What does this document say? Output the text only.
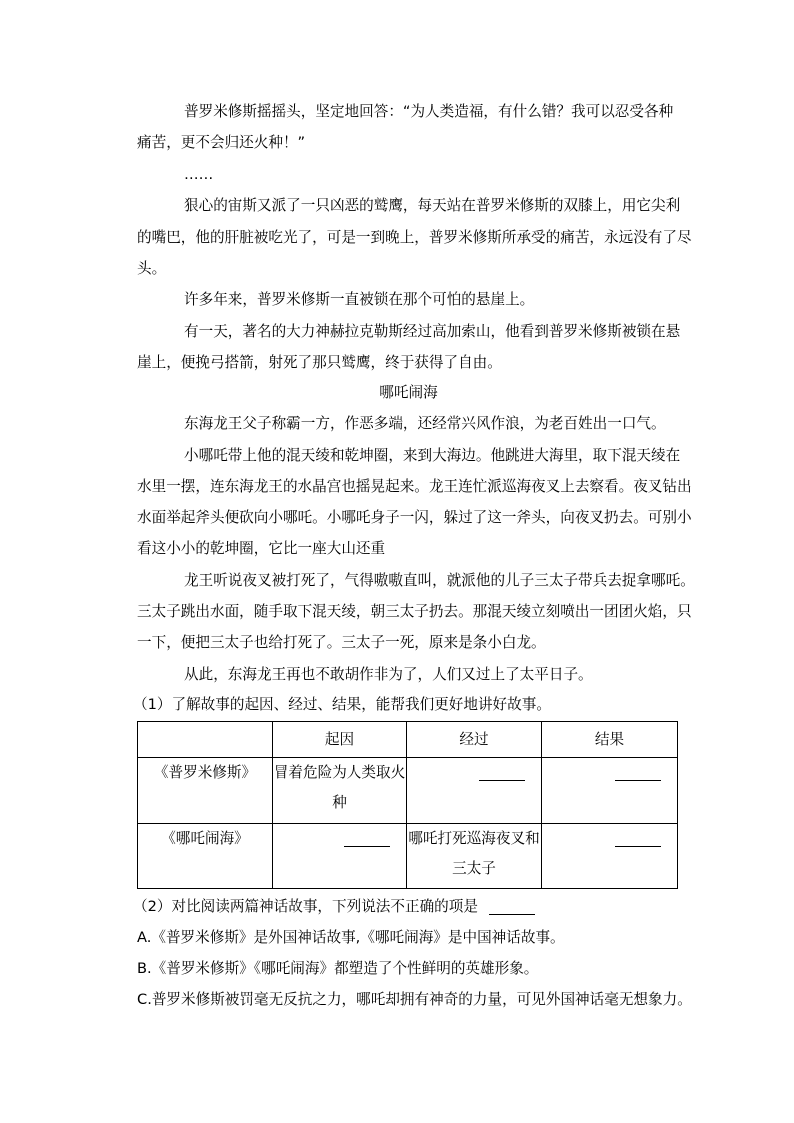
普罗米修斯摇摇头，坚定地回答：“为人类造福，有什么错？我可以忍受各种
痛苦，更不会归还火种！”
……
狠心的宙斯又派了一只凶恶的鹫鹰，每天站在普罗米修斯的双膝上，用它尖利
的嘴巴，他的肝脏被吃光了，可是一到晚上，普罗米修斯所承受的痛苦，永远没有了尽
头。
许多年来，普罗米修斯一直被锁在那个可怕的悬崖上。
有一天，著名的大力神赫拉克勒斯经过高加索山，他看到普罗米修斯被锁在悬
崖上，便挽弓搭箭，射死了那只鹫鹰，终于获得了自由。
哪吒闹海
东海龙王父子称霸一方，作恶多端，还经常兴风作浪，为老百姓出一口气。
小哪吒带上他的混天绫和乾坤圈，来到大海边。他跳进大海里，取下混天绫在
水里一摆，连东海龙王的水晶宫也摇晃起来。龙王连忙派巡海夜叉上去察看。夜叉钻出
水面举起斧头便砍向小哪吒。小哪吒身子一闪，躲过了这一斧头，向夜叉扔去。可别小
看这小小的乾坤圈，它比一座大山还重
龙王听说夜叉被打死了，气得嗷嗷直叫，就派他的儿子三太子带兵去捉拿哪吒。
三太子跳出水面，随手取下混天绫，朝三太子扔去。那混天绫立刻喷出一团团火焰，只
一下，便把三太子也给打死了。三太子一死，原来是条小白龙。
从此，东海龙王再也不敢胡作非为了，人们又过上了太平日子。
（1）了解故事的起因、经过、结果，能帮我们更好地讲好故事。
	起因	经过	结果
《普罗米修斯》	冒着危险为人类取火
种		
《哪吒闹海》		哪吒打死巡海夜叉和
三太子	
（2）对比阅读两篇神话故事，下列说法不正确的项是
A.《普罗米修斯》是外国神话故事,《哪吒闹海》是中国神话故事。
B.《普罗米修斯》《哪吒闹海》都塑造了个性鲜明的英雄形象。
C.普罗米修斯被罚毫无反抗之力，哪吒却拥有神奇的力量，可见外国神话毫无想象力。
